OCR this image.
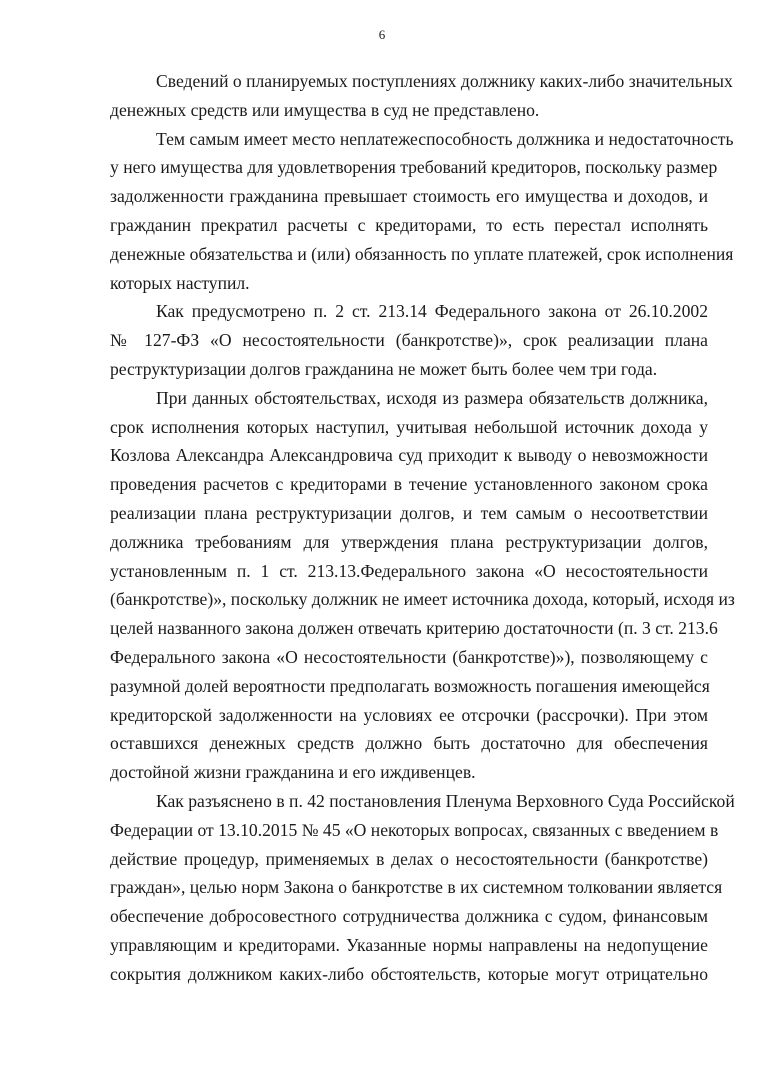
6
Сведений о планируемых поступлениях должнику каких-либо значительных
денежных средств или имущества в суд не представлено.
Тем самым имеет место неплатежеспособность должника и недостаточность
у него имущества для удовлетворения требований кредиторов, поскольку размер
задолженности гражданина превышает стоимость его имущества и доходов, и
гражданин прекратил расчеты с кредиторами, то есть перестал исполнять
денежные обязательства и (или) обязанность по уплате платежей, срок исполнения
которых наступил.
Как предусмотрено п. 2 ст. 213.14 Федерального закона от 26.10.2002
№ 127-ФЗ «О несостоятельности (банкротстве)», срок реализации плана
реструктуризации долгов гражданина не может быть более чем три года.
При данных обстоятельствах, исходя из размера обязательств должника,
срок исполнения которых наступил, учитывая небольшой источник дохода у
Козлова Александра Александровича суд приходит к выводу о невозможности
проведения расчетов с кредиторами в течение установленного законом срока
реализации плана реструктуризации долгов, и тем самым о несоответствии
должника требованиям для утверждения плана реструктуризации долгов,
установленным п. 1 ст. 213.13.Федерального закона «О несостоятельности
(банкротстве)», поскольку должник не имеет источника дохода, который, исходя из
целей названного закона должен отвечать критерию достаточности (п. 3 ст. 213.6
Федерального закона «О несостоятельности (банкротстве)»), позволяющему с
разумной долей вероятности предполагать возможность погашения имеющейся
кредиторской задолженности на условиях ее отсрочки (рассрочки). При этом
оставшихся денежных средств должно быть достаточно для обеспечения
достойной жизни гражданина и его иждивенцев.
Как разъяснено в п. 42 постановления Пленума Верховного Суда Российской
Федерации от 13.10.2015 № 45 «О некоторых вопросах, связанных с введением в
действие процедур, применяемых в делах о несостоятельности (банкротстве)
граждан», целью норм Закона о банкротстве в их системном толковании является
обеспечение добросовестного сотрудничества должника с судом, финансовым
управляющим и кредиторами. Указанные нормы направлены на недопущение
сокрытия должником каких-либо обстоятельств, которые могут отрицательно
